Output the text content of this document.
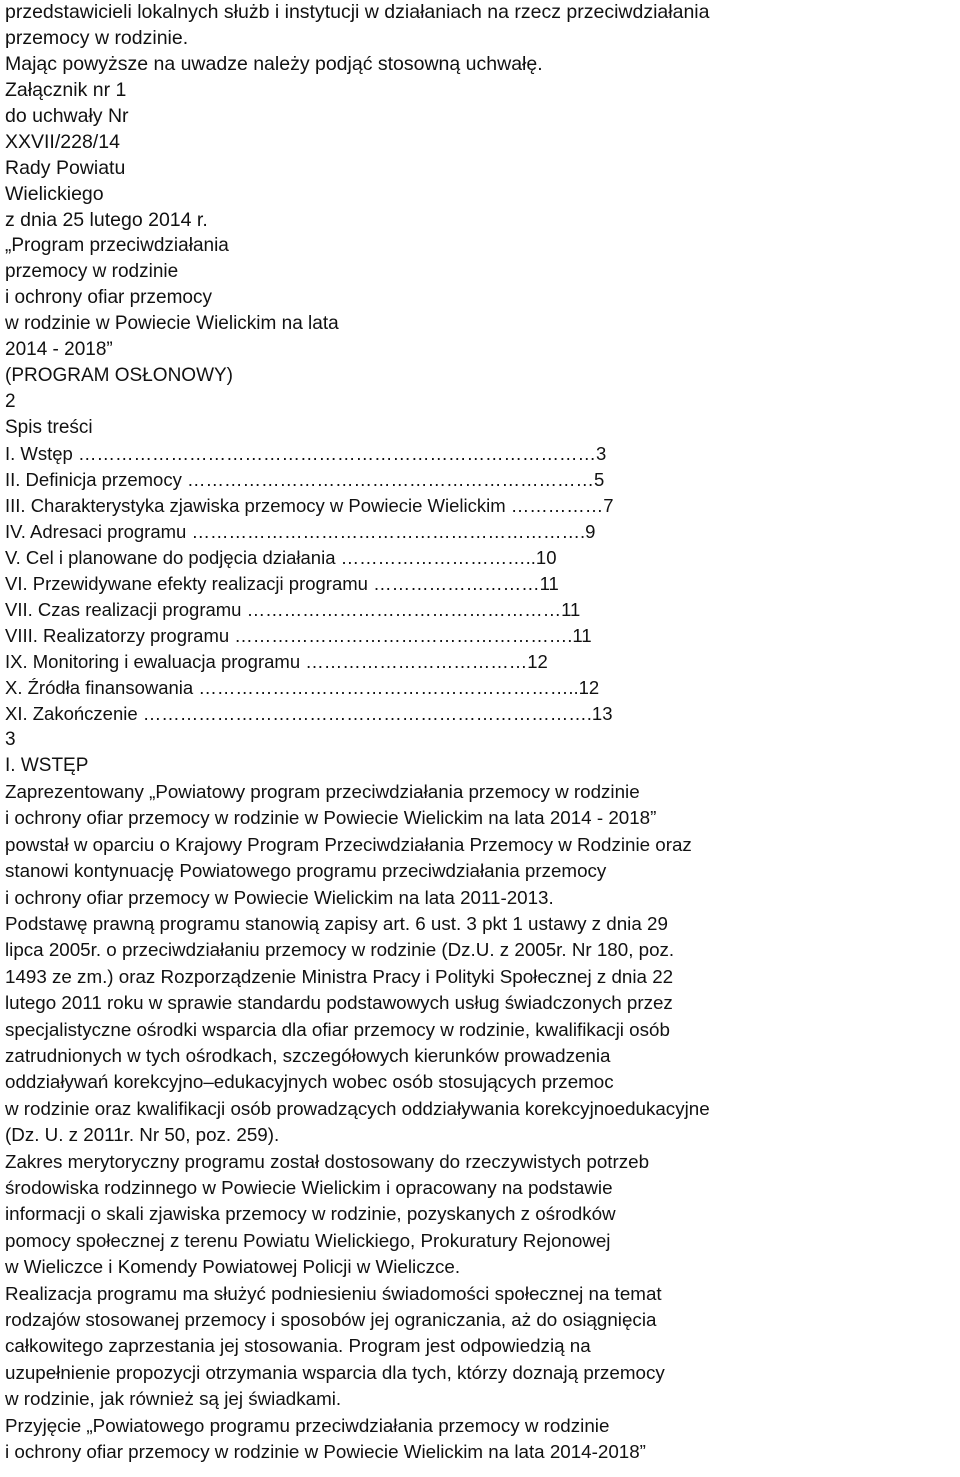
przedstawicieli lokalnych służb i instytucji w działaniach na rzecz przeciwdziałania
przemocy w rodzinie.
Mając powyższe na uwadze należy podjąć stosowną uchwałę.
Załącznik nr 1
do uchwały Nr
XXVII/228/14
Rady Powiatu
Wielickiego
z dnia 25 lutego 2014 r.
„Program przeciwdziałania
przemocy w rodzinie
i ochrony ofiar przemocy
w rodzinie w Powiecie Wielickim na lata
2014 - 2018”
(PROGRAM OSŁONOWY)
2
Spis treści
I. Wstęp …………………………………………………………………………3
II. Definicja przemocy …………………………………………………………5
III. Charakterystyka zjawiska przemocy w Powiecie Wielickim ……………7
IV. Adresaci programu ……………………………………………………….9
V. Cel i planowane do podjęcia działania …………………………..10
VI. Przewidywane efekty realizacji programu ………………………11
VII. Czas realizacji programu ……………………………………………11
VIII. Realizatorzy programu ……………………………………………….11
IX. Monitoring i ewaluacja programu ………………………………12
X. Źródła finansowania ……………………………………………………..12
XI. Zakończenie ……………………………………………………………….13
3
I. WSTĘP
Zaprezentowany „Powiatowy program przeciwdziałania przemocy w rodzinie
i ochrony ofiar przemocy w rodzinie w Powiecie Wielickim na lata 2014 - 2018”
powstał w oparciu o Krajowy Program Przeciwdziałania Przemocy w Rodzinie oraz
stanowi kontynuację Powiatowego programu przeciwdziałania przemocy
i ochrony ofiar przemocy w Powiecie Wielickim na lata 2011-2013.
Podstawę prawną programu stanowią zapisy art. 6 ust. 3 pkt 1 ustawy z dnia 29
lipca 2005r. o przeciwdziałaniu przemocy w rodzinie (Dz.U. z 2005r. Nr 180, poz.
1493 ze zm.) oraz Rozporządzenie Ministra Pracy i Polityki Społecznej z dnia 22
lutego 2011 roku w sprawie standardu podstawowych usług świadczonych przez
specjalistyczne ośrodki wsparcia dla ofiar przemocy w rodzinie, kwalifikacji osób
zatrudnionych w tych ośrodkach, szczegółowych kierunków prowadzenia
oddziaływań korekcyjno–edukacyjnych wobec osób stosujących przemoc
w rodzinie oraz kwalifikacji osób prowadzących oddziaływania korekcyjnoedukacyjne
(Dz. U. z 2011r. Nr 50, poz. 259).
Zakres merytoryczny programu został dostosowany do rzeczywistych potrzeb
środowiska rodzinnego w Powiecie Wielickim i opracowany na podstawie
informacji o skali zjawiska przemocy w rodzinie, pozyskanych z ośrodków
pomocy społecznej z terenu Powiatu Wielickiego, Prokuratury Rejonowej
w Wieliczce i Komendy Powiatowej Policji w Wieliczce.
Realizacja programu ma służyć podniesieniu świadomości społecznej na temat
rodzajów stosowanej przemocy i sposobów jej ograniczania, aż do osiągnięcia
całkowitego zaprzestania jej stosowania. Program jest odpowiedzią na
uzupełnienie propozycji otrzymania wsparcia dla tych, którzy doznają przemocy
w rodzinie, jak również są jej świadkami.
Przyjęcie „Powiatowego programu przeciwdziałania przemocy w rodzinie
i ochrony ofiar przemocy w rodzinie w Powiecie Wielickim na lata 2014-2018”
